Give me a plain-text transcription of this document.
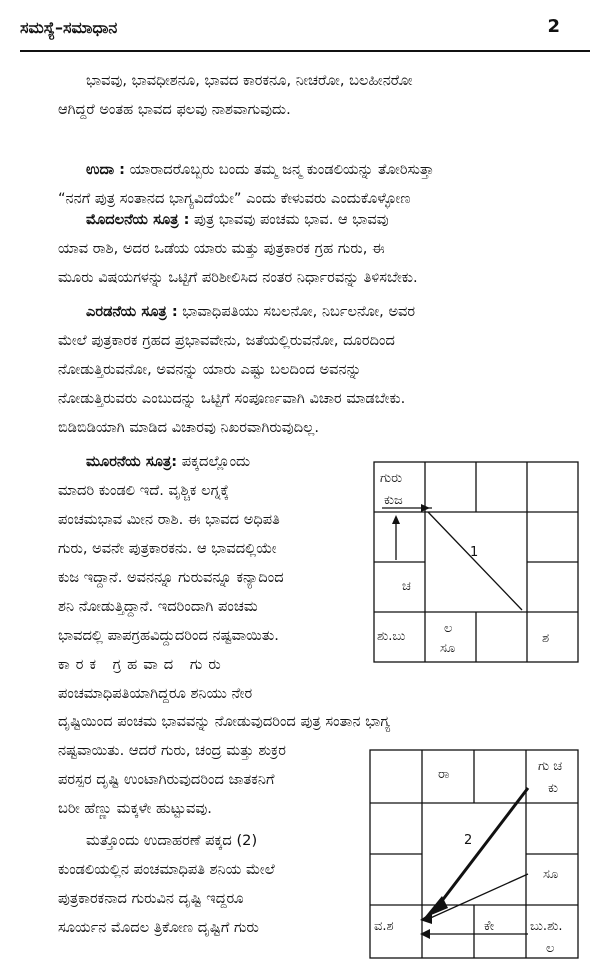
ಸಮಸ್ಯೆ–ಸಮಾಧಾನ	2
ಭಾವವು, ಭಾವಧೀಶನೂ, ಭಾವದ ಕಾರಕನೂ, ನೀಚರೋ, ಬಲಹೀನರೋ
ಆಗಿದ್ದರೆ ಅಂತಹ ಭಾವದ ಫಲವು ನಾಶವಾಗುವುದು.
ಉದಾ : ಯಾರಾದರೊಬ್ಬರು ಬಂದು ತಮ್ಮ ಜನ್ಮ ಕುಂಡಲಿಯನ್ನು ತೋರಿಸುತ್ತಾ
“ನನಗೆ ಪುತ್ರ ಸಂತಾನದ ಭಾಗ್ಯವಿದೆಯೇ” ಎಂದು ಕೇಳುವರು ಎಂದುಕೊಳ್ಳೋಣ
ಮೊದಲನೆಯ ಸೂತ್ರ : ಪುತ್ರ ಭಾವವು ಪಂಚಮ ಭಾವ. ಆ ಭಾವವು
ಯಾವ ರಾಶಿ, ಅದರ ಒಡೆಯ ಯಾರು ಮತ್ತು ಪುತ್ರಕಾರಕ ಗ್ರಹ ಗುರು, ಈ
ಮೂರು ವಿಷಯಗಳನ್ನು ಒಟ್ಟಿಗೆ ಪರಿಶೀಲಿಸಿದ ನಂತರ ನಿರ್ಧಾರವನ್ನು ತಿಳಿಸಬೇಕು.
ಎರಡನೆಯ ಸೂತ್ರ : ಭಾವಾಧಿಪತಿಯು ಸಬಲನೋ, ನಿರ್ಬಲನೋ, ಅವರ
ಮೇಲೆ ಪುತ್ರಕಾರಕ ಗ್ರಹದ ಪ್ರಭಾವವೇನು, ಜತೆಯಲ್ಲಿರುವನೋ, ದೂರದಿಂದ
ನೋಡುತ್ತಿರುವನೋ, ಅವನನ್ನು ಯಾರು ಎಷ್ಟು ಬಲದಿಂದ ಅವನನ್ನು
ನೋಡುತ್ತಿರುವರು ಎಂಬುದನ್ನು ಒಟ್ಟಿಗೆ ಸಂಪೂರ್ಣವಾಗಿ ವಿಚಾರ ಮಾಡಬೇಕು.
ಬಿಡಿಬಿಡಿಯಾಗಿ ಮಾಡಿದ ವಿಚಾರವು ನಿಖರವಾಗಿರುವುದಿಲ್ಲ.
ಮೂರನೆಯ ಸೂತ್ರ: ಪಕ್ಕದಲ್ಲೊಂದು
ಮಾದರಿ ಕುಂಡಲಿ ಇದೆ. ವೃಶ್ಚಿಕ ಲಗ್ನಕ್ಕೆ
ಪಂಚಮಭಾವ ಮೀನ ರಾಶಿ. ಈ ಭಾವದ ಅಧಿಪತಿ
ಗುರು, ಅವನೇ ಪುತ್ರಕಾರಕನು. ಆ ಭಾವದಲ್ಲಿಯೇ
ಕುಜ ಇದ್ದಾನೆ. ಅವನನ್ನೂ ಗುರುವನ್ನೂ ಕನ್ಯಾದಿಂದ
ಶನಿ ನೋಡುತ್ತಿದ್ದಾನೆ. ಇದರಿಂದಾಗಿ ಪಂಚಮ
ಭಾವದಲ್ಲಿ ಪಾಪಗ್ರಹವಿದ್ದುದರಿಂದ ನಷ್ಟವಾಯಿತು.
ಕಾರಕ ಗ್ರಹವಾದ ಗುರು
ಪಂಚಮಾಧಿಪತಿಯಾಗಿದ್ದರೂ ಶನಿಯು ನೇರ
ಗುರು
ಕುಜ
ಚ
ಶು.ಬು
ಲ
ಸೂ
ಶ
1
ದೃಷ್ಟಿಯಿಂದ ಪಂಚಮ ಭಾವವನ್ನು ನೋಡುವುದರಿಂದ ಪುತ್ರ ಸಂತಾನ ಭಾಗ್ಯ
ನಷ್ಟವಾಯಿತು. ಆದರೆ ಗುರು, ಚಂದ್ರ ಮತ್ತು ಶುಕ್ರರ
ಪರಸ್ಪರ ದೃಷ್ಟಿ ಉಂಟಾಗಿರುವುದರಿಂದ ಜಾತಕನಿಗೆ
ಬರೀ ಹೆಣ್ಣು ಮಕ್ಕಳೇ ಹುಟ್ಟುವವು.
ಮತ್ತೊಂದು ಉದಾಹರಣೆ ಪಕ್ಕದ (2)
ಕುಂಡಲಿಯಲ್ಲಿನ ಪಂಚಮಾಧಿಪತಿ ಶನಿಯ ಮೇಲೆ
ಪುತ್ರಕಾರಕನಾದ ಗುರುವಿನ ದೃಷ್ಟಿ ಇದ್ದರೂ
ಸೂರ್ಯನ ಮೊದಲ ತ್ರಿಕೋಣ ದೃಷ್ಟಿಗೆ ಗುರು
ರಾ
ಗು ಚ
ಕು
ಸೂ
ವ.ಶ	ಕೇ	ಬು.ಶು.
ಲ
2
